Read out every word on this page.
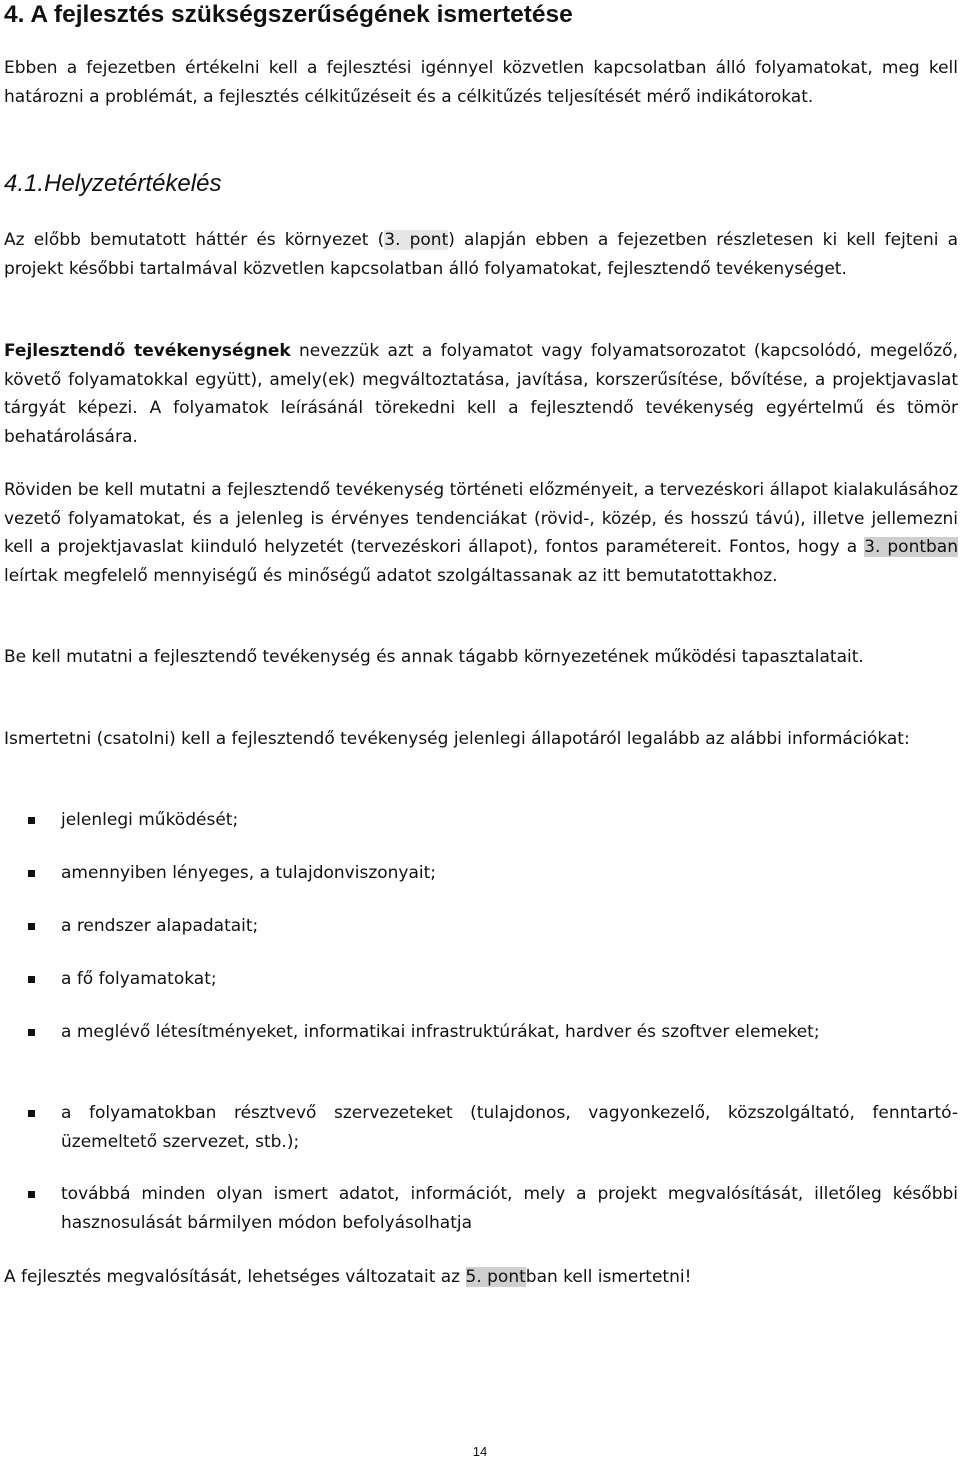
4. A fejlesztés szükségszerűségének ismertetése

Ebben a fejezetben értékelni kell a fejlesztési igénnyel közvetlen kapcsolatban álló folyamatokat, meg kell határozni a problémát, a fejlesztés célkitűzéseit és a célkitűzés teljesítését mérő indikátorokat.

4.1.Helyzetértékelés

Az előbb bemutatott háttér és környezet (3. pont) alapján ebben a fejezetben részletesen ki kell fejteni a projekt későbbi tartalmával közvetlen kapcsolatban álló folyamatokat, fejlesztendő tevékenységet.

Fejlesztendő tevékenységnek nevezzük azt a folyamatot vagy folyamatsorozatot (kapcsolódó, megelőző, követő folyamatokkal együtt), amely(ek) megváltoztatása, javítása, korszerűsítése, bővítése, a projektjavaslat tárgyát képezi. A folyamatok leírásánál törekedni kell a fejlesztendő tevékenység egyértelmű és tömör behatárolására.

Röviden be kell mutatni a fejlesztendő tevékenység történeti előzményeit, a tervezéskori állapot kialakulásához vezető folyamatokat, és a jelenleg is érvényes tendenciákat (rövid-, közép, és hosszú távú), illetve jellemezni kell a projektjavaslat kiinduló helyzetét (tervezéskori állapot), fontos paramétereit. Fontos, hogy a 3. pontban leírtak megfelelő mennyiségű és minőségű adatot szolgáltassanak az itt bemutatottakhoz.

Be kell mutatni a fejlesztendő tevékenység és annak tágabb környezetének működési tapasztalatait.

Ismertetni (csatolni) kell a fejlesztendő tevékenység jelenlegi állapotáról legalább az alábbi információkat:

jelenlegi működését;

amennyiben lényeges, a tulajdonviszonyait;

a rendszer alapadatait;

a fő folyamatokat;

a meglévő létesítményeket, informatikai infrastruktúrákat, hardver és szoftver elemeket;

a folyamatokban résztvevő szervezeteket (tulajdonos, vagyonkezelő, közszolgáltató, fenntartó-üzemeltető szervezet, stb.);

továbbá minden olyan ismert adatot, információt, mely a projekt megvalósítását, illetőleg későbbi hasznosulását bármilyen módon befolyásolhatja

A fejlesztés megvalósítását, lehetséges változatait az 5. pontban kell ismertetni!

14
